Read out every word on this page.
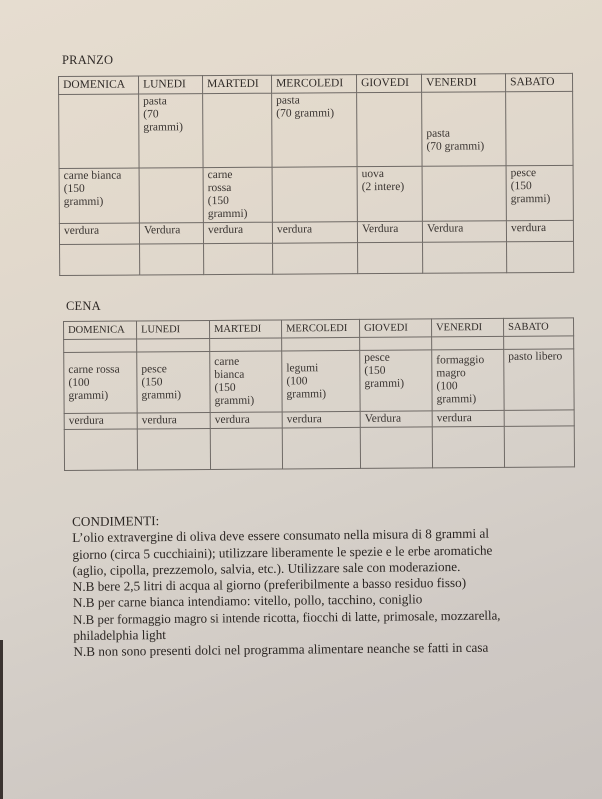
PRANZO
DOMENICA	LUNEDI	MARTEDI	MERCOLEDI	GIOVEDI	VENERDI	SABATO
	pasta
(70
grammi)		pasta
(70 grammi)		pasta
(70 grammi)	
carne bianca
(150
grammi)		carne
rossa
(150
grammi)		uova
(2 intere)		pesce
(150
grammi)
verdura	Verdura	verdura	verdura	Verdura	Verdura	verdura

CENA
DOMENICA	LUNEDI	MARTEDI	MERCOLEDI	GIOVEDI	VENERDI	SABATO

carne rossa
(100
grammi)	pesce
(150
grammi)	carne
bianca
(150
grammi)	legumi
(100
grammi)	pesce
(150
grammi)	formaggio
magro
(100
grammi)	pasto libero
verdura	verdura	verdura	verdura	Verdura	verdura	

CONDIMENTI:
L’olio extravergine di oliva deve essere consumato nella misura di 8 grammi al
giorno (circa 5 cucchiaini); utilizzare liberamente le spezie e le erbe aromatiche
(aglio, cipolla, prezzemolo, salvia, etc.). Utilizzare sale con moderazione.
N.B bere 2,5 litri di acqua al giorno (preferibilmente a basso residuo fisso)
N.B per carne bianca intendiamo: vitello, pollo, tacchino, coniglio
N.B per formaggio magro si intende ricotta, fiocchi di latte, primosale, mozzarella,
philadelphia light
N.B non sono presenti dolci nel programma alimentare neanche se fatti in casa
